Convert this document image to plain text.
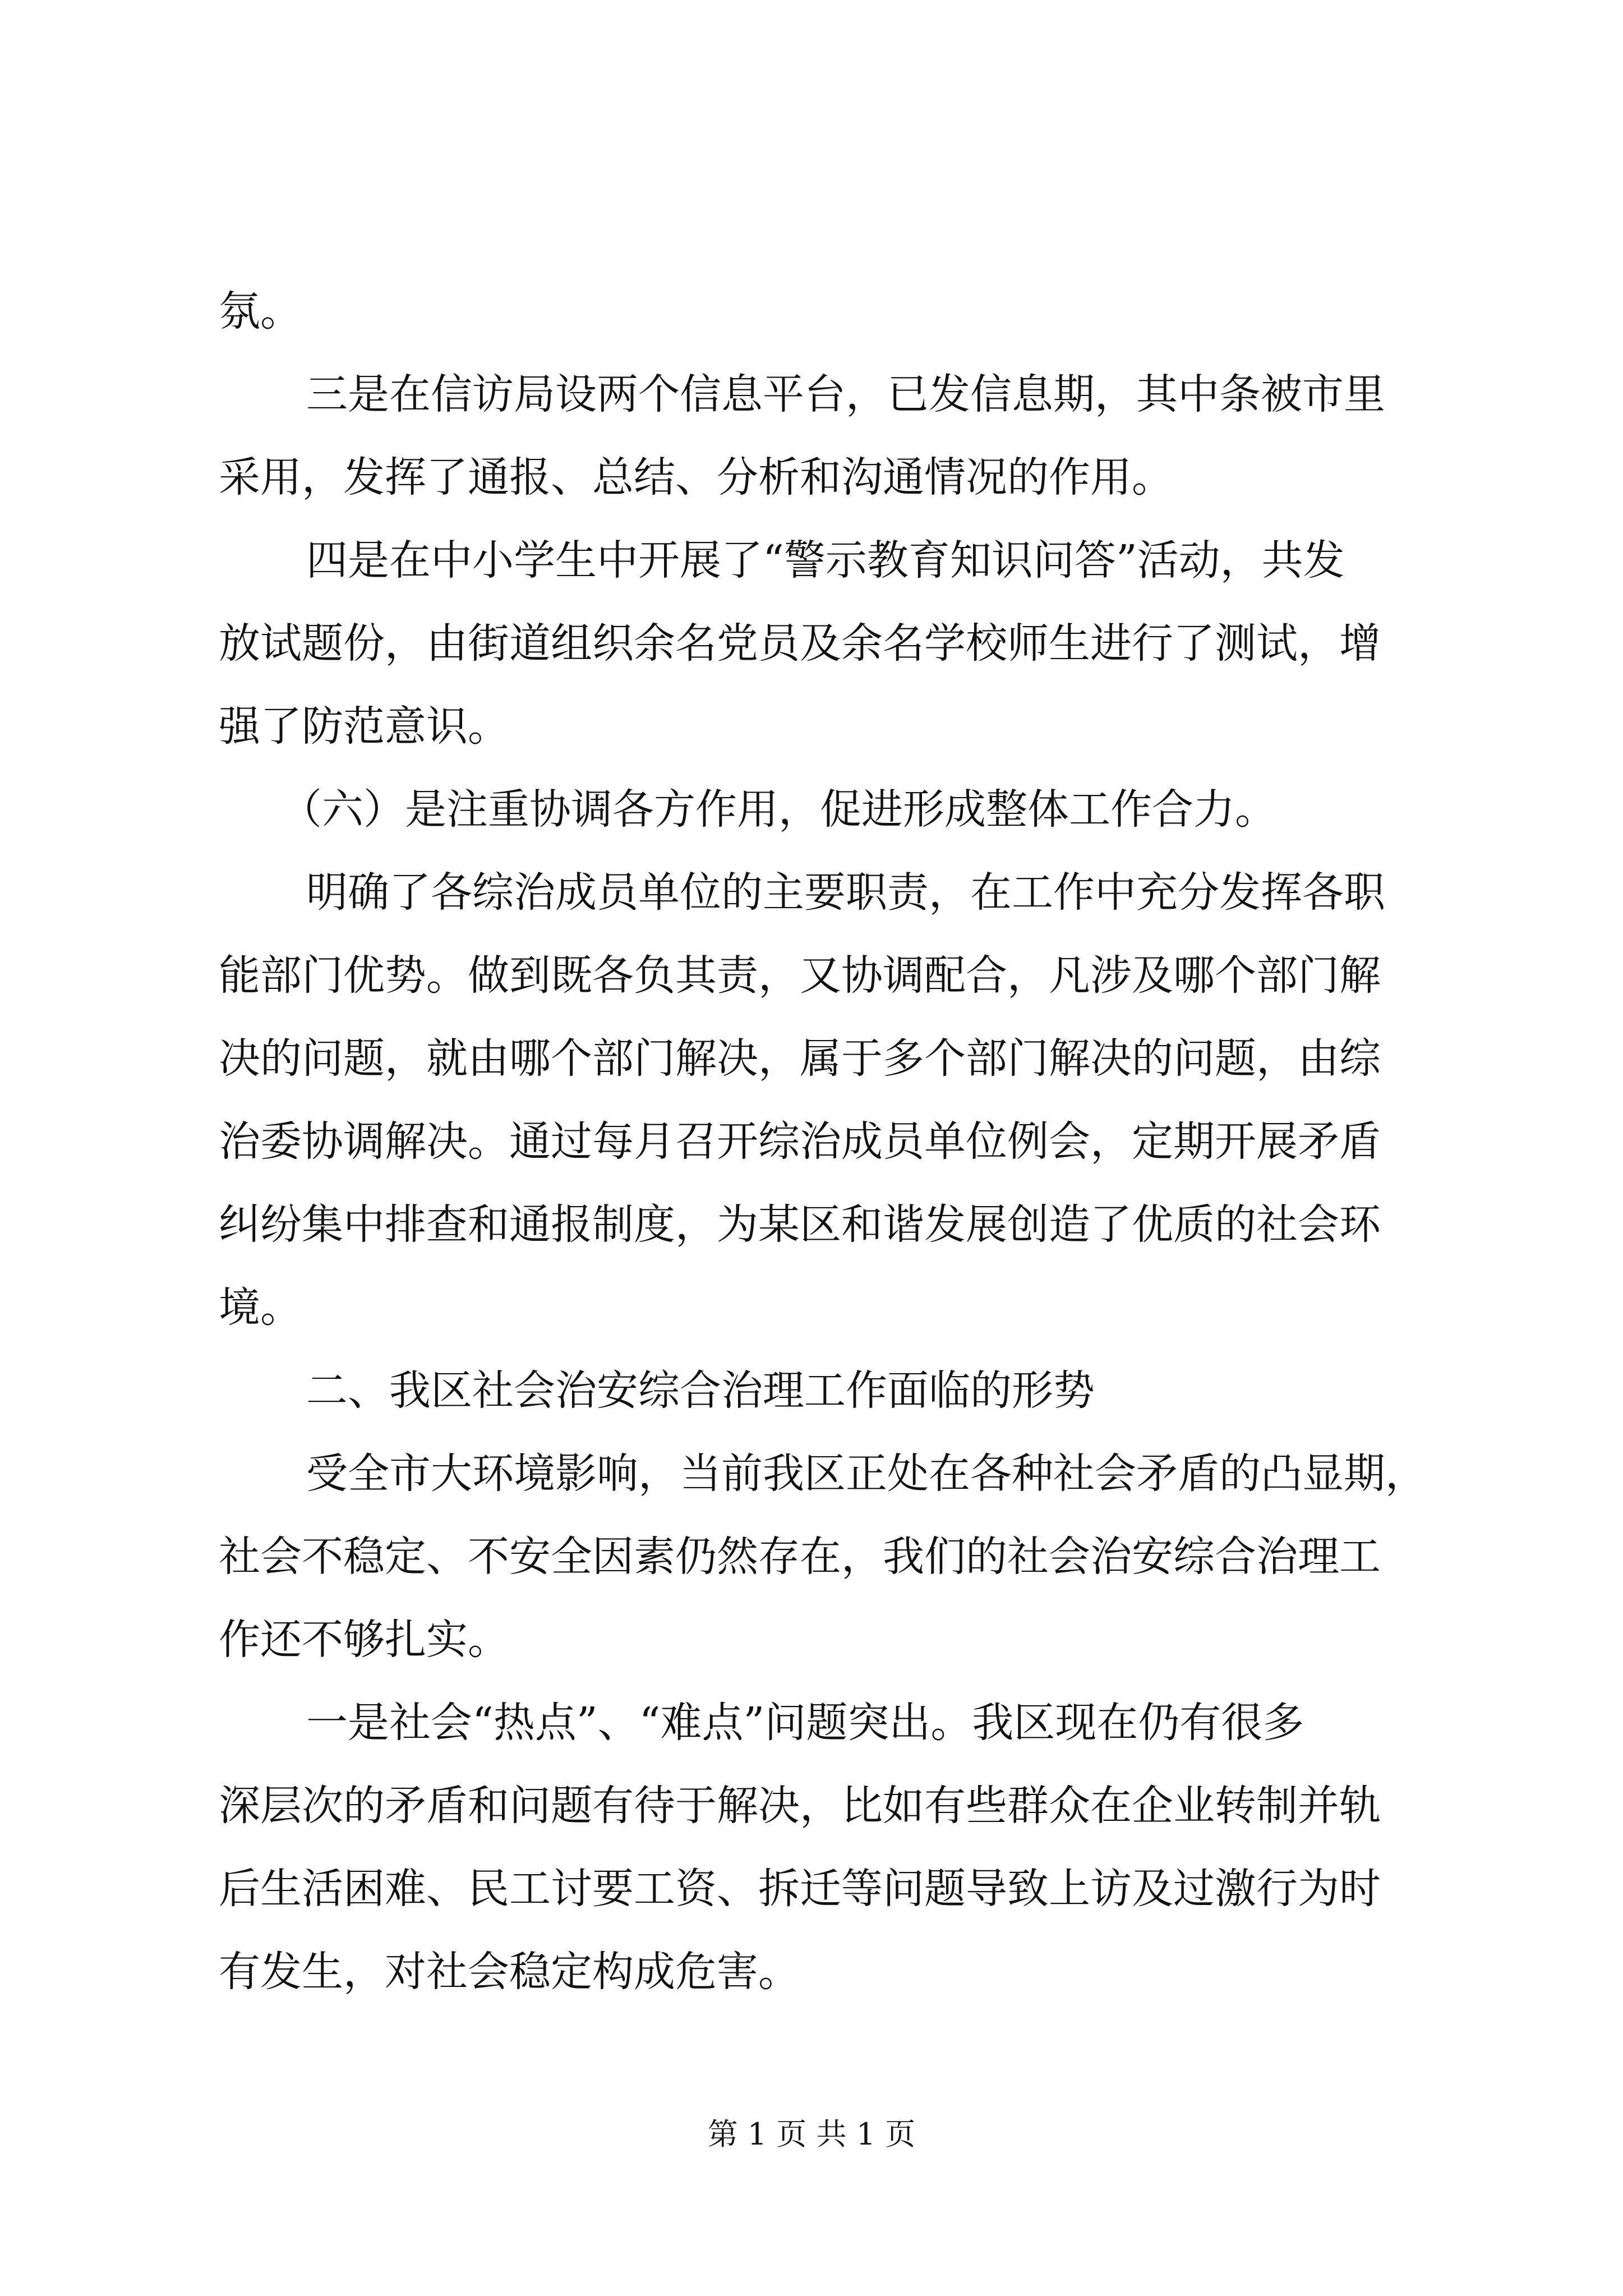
氛。
三是在信访局设两个信息平台，已发信息期，其中条被市里
采用，发挥了通报、总结、分析和沟通情况的作用。
四是在中小学生中开展了“警示教育知识问答”活动，共发
放试题份，由街道组织余名党员及余名学校师生进行了测试，增
强了防范意识。
（六）是注重协调各方作用，促进形成整体工作合力。
明确了各综治成员单位的主要职责，在工作中充分发挥各职
能部门优势。做到既各负其责，又协调配合，凡涉及哪个部门解
决的问题，就由哪个部门解决，属于多个部门解决的问题，由综
治委协调解决。通过每月召开综治成员单位例会，定期开展矛盾
纠纷集中排查和通报制度，为某区和谐发展创造了优质的社会环
境。
二、我区社会治安综合治理工作面临的形势
受全市大环境影响，当前我区正处在各种社会矛盾的凸显期，
社会不稳定、不安全因素仍然存在，我们的社会治安综合治理工
作还不够扎实。
一是社会“热点”、“难点”问题突出。我区现在仍有很多
深层次的矛盾和问题有待于解决，比如有些群众在企业转制并轨
后生活困难、民工讨要工资、拆迁等问题导致上访及过激行为时
有发生，对社会稳定构成危害。
第 1 页 共 1 页
